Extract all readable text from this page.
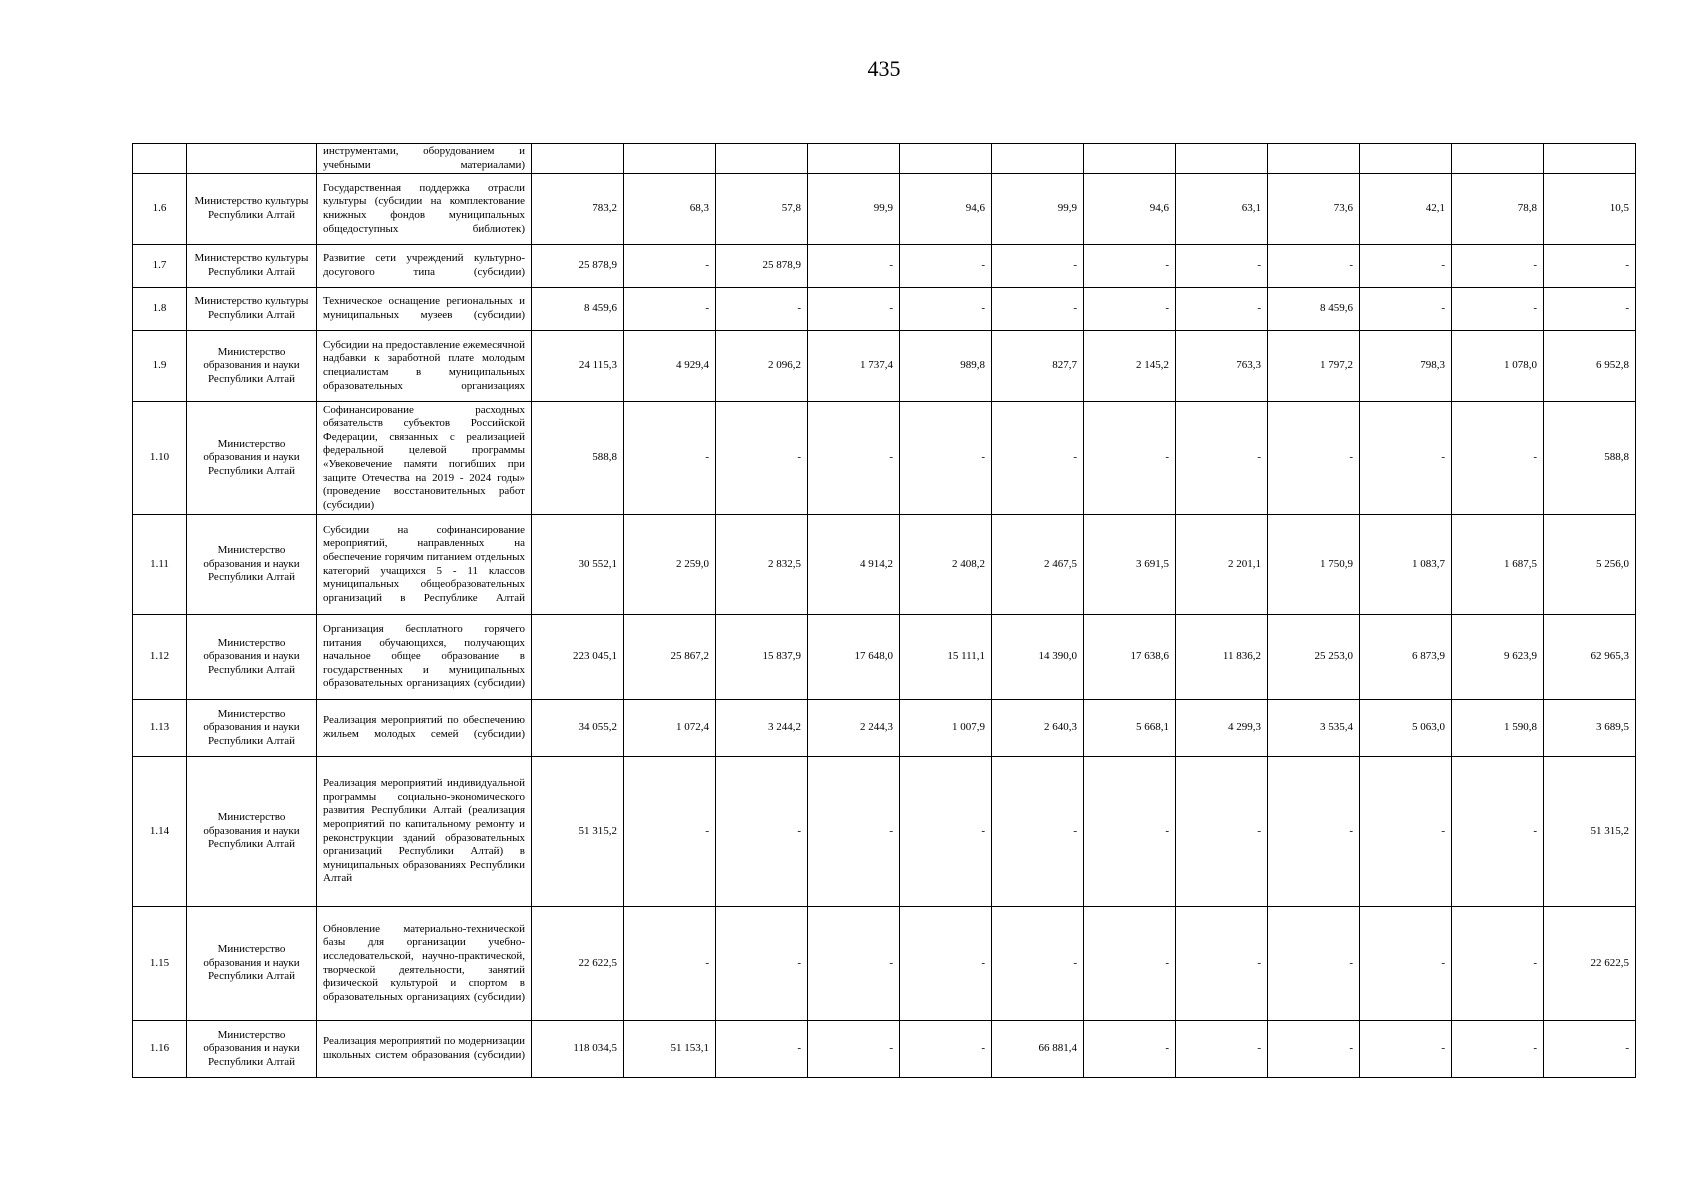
435
		инструментами, оборудованием и учебными материалами)												
1.6	Министерство культуры Республики Алтай	Государственная поддержка отрасли культуры (субсидии на комплектование книжных фондов муниципальных общедоступных библиотек)	783,2	68,3	57,8	99,9	94,6	99,9	94,6	63,1	73,6	42,1	78,8	10,5
1.7	Министерство культуры Республики Алтай	Развитие сети учреждений культурно-досугового типа (субсидии)	25 878,9	-	25 878,9	-	-	-	-	-	-	-	-	-
1.8	Министерство культуры Республики Алтай	Техническое оснащение региональных и муниципальных музеев (субсидии)	8 459,6	-	-	-	-	-	-	-	8 459,6	-	-	-
1.9	Министерство образования и науки Республики Алтай	Субсидии на предоставление ежемесячной надбавки к заработной плате молодым специалистам в муниципальных образовательных организациях	24 115,3	4 929,4	2 096,2	1 737,4	989,8	827,7	2 145,2	763,3	1 797,2	798,3	1 078,0	6 952,8
1.10	Министерство образования и науки Республики Алтай	Софинансирование расходных обязательств субъектов Российской Федерации, связанных с реализацией федеральной целевой программы «Увековечение памяти погибших при защите Отечества на 2019 - 2024 годы» (проведение восстановительных работ (субсидии)	588,8	-	-	-	-	-	-	-	-	-	-	588,8
1.11	Министерство образования и науки Республики Алтай	Субсидии на софинансирование мероприятий, направленных на обеспечение горячим питанием отдельных категорий учащихся 5 - 11 классов муниципальных общеобразовательных организаций в Республике Алтай	30 552,1	2 259,0	2 832,5	4 914,2	2 408,2	2 467,5	3 691,5	2 201,1	1 750,9	1 083,7	1 687,5	5 256,0
1.12	Министерство образования и науки Республики Алтай	Организация бесплатного горячего питания обучающихся, получающих начальное общее образование в государственных и муниципальных образовательных организациях (субсидии)	223 045,1	25 867,2	15 837,9	17 648,0	15 111,1	14 390,0	17 638,6	11 836,2	25 253,0	6 873,9	9 623,9	62 965,3
1.13	Министерство образования и науки Республики Алтай	Реализация мероприятий по обеспечению жильем молодых семей (субсидии)	34 055,2	1 072,4	3 244,2	2 244,3	1 007,9	2 640,3	5 668,1	4 299,3	3 535,4	5 063,0	1 590,8	3 689,5
1.14	Министерство образования и науки Республики Алтай	Реализация мероприятий индивидуальной программы социально-экономического развития Республики Алтай (реализация мероприятий по капитальному ремонту и реконструкции зданий образовательных организаций Республики Алтай) в муниципальных образованиях Республики Алтай	51 315,2	-	-	-	-	-	-	-	-	-	-	51 315,2
1.15	Министерство образования и науки Республики Алтай	Обновление материально-технической базы для организации учебно-исследовательской, научно-практической, творческой деятельности, занятий физической культурой и спортом в образовательных организациях (субсидии)	22 622,5	-	-	-	-	-	-	-	-	-	-	22 622,5
1.16	Министерство образования и науки Республики Алтай	Реализация мероприятий по модернизации школьных систем образования (субсидии)	118 034,5	51 153,1	-	-	-	66 881,4	-	-	-	-	-	-
